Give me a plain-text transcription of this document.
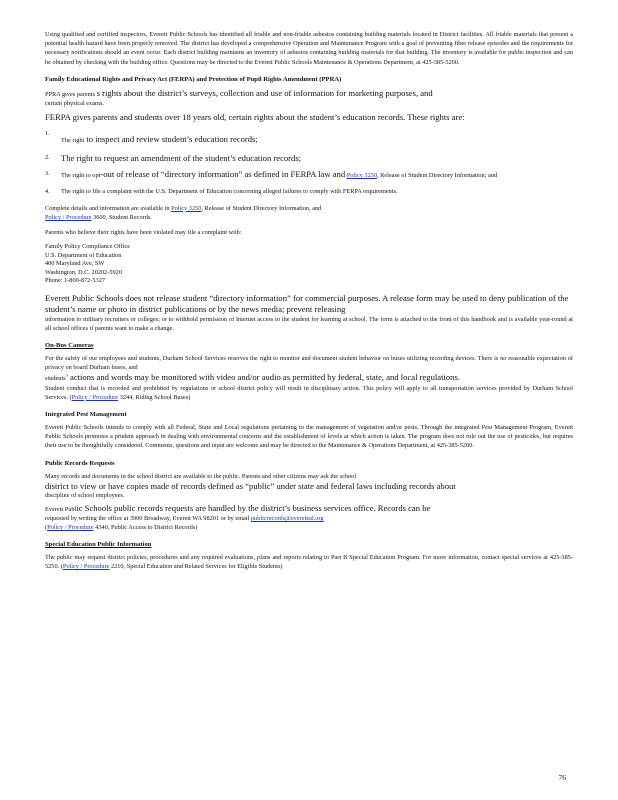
Using qualified and certified inspectors, Everett Public Schools has identified all friable and non-friable asbestos containing building materials located in District facilities. All friable materials that present a potential health hazard have been properly removed. The district has developed a comprehensive Operation and Maintenance Program with a goal of preventing fiber release episodes and the requirements for necessary notifications should an event occur. Each district building maintains an inventory of asbestos containing building materials for that building. The inventory is available for public inspection and can be obtained by checking with the building office. Questions may be directed to the Everett Public Schools Maintenance & Operations Department, at 425-385-5200.

Family Educational Rights and Privacy Act (FERPA) and Protection of Pupil Rights Amendment (PPRA)

PPRA gives parents s rights about the district’s surveys, collection and use of information for marketing purposes, and
certain physical exams.

FERPA gives parents and students over 18 years old, certain rights about the student’s education records. These rights are:

1.
The right to inspect and review student’s education records;
2.	The right to request an amendment of the student’s education records;
3.	The right to opt-out of release of “directory information” as defined in FERPA law and Policy 3250, Release of Student Directory Information; and
4.	The right to file a complaint with the U.S. Department of Education concerning alleged failures to comply with FERPA requirements.

Complete details and information are available in Policy 3250, Release of Student Directory Information, and
Policy / Procedure 3600, Student Records.

Parents who believe their rights have been violated may file a complaint with:

Family Policy Compliance Office

U.S. Department of Education

400 Maryland Ave, SW

Washington, D.C. 20202-5920

Phone: 1-800-872-5327

Everett Public Schools does not release student “directory information” for commercial purposes. A release form may be used to deny publication of the student’s name or photo in district publications or by the news media; prevent releasing

information to military recruiters or colleges; or to withhold permission of Internet access to the student for learning at school. The form is attached to the front of this handbook and is available year-round at all school offices if parents want to make a change.

On-Bus Cameras

For the safety of our employees and students, Durham School Services reserves the right to monitor and document student behavior on buses utilizing recording devices. There is no reasonable expectation of privacy on board Durham buses, and

students’ actions and words may be monitored with video and/or audio as permitted by federal, state, and local regulations.

Student conduct that is recorded and prohibited by regulations or school district policy will result in disciplinary action. This policy will apply to all transportation services provided by Durham School Services. (Policy / Procedure 3244, Riding School Buses)

Integrated Pest Management

Everett Public Schools intends to comply with all Federal, State and Local regulations pertaining to the management of vegetation and/or pests. Through the integrated Pest Management Program, Everett Public Schools promotes a prudent approach in dealing with environmental concerns and the establishment of levels at which action is taken. The program does not rule out the use of pesticides, but requires their use to be thoughtfully considered. Comments, questions and input are welcome and may be directed to the Maintenance & Operations Department, at 425-385-5200.

Public Records Requests

Many records and documents in the school district are available to the public. Parents and other citizens may ask the school

district to view or have copies made of records defined as “public” under state and federal laws including records about

discipline of school employees.

Everett Public Schools public records requests are handled by the district’s business services office. Records can be

requested by writing the office at 3900 Broadway, Everett WA 98201 or by email publicrecords@everettsd.org

(Policy / Procedure 4340, Public Access to District Records)

Special Education Public Information

The public may request district policies, procedures and any required evaluations, plans and reports relating to Part B Special Education Program. For more information, contact special services at 425-385-5250. (Policy / Procedure 2210, Special Education and Related Services for Eligible Students)

76
